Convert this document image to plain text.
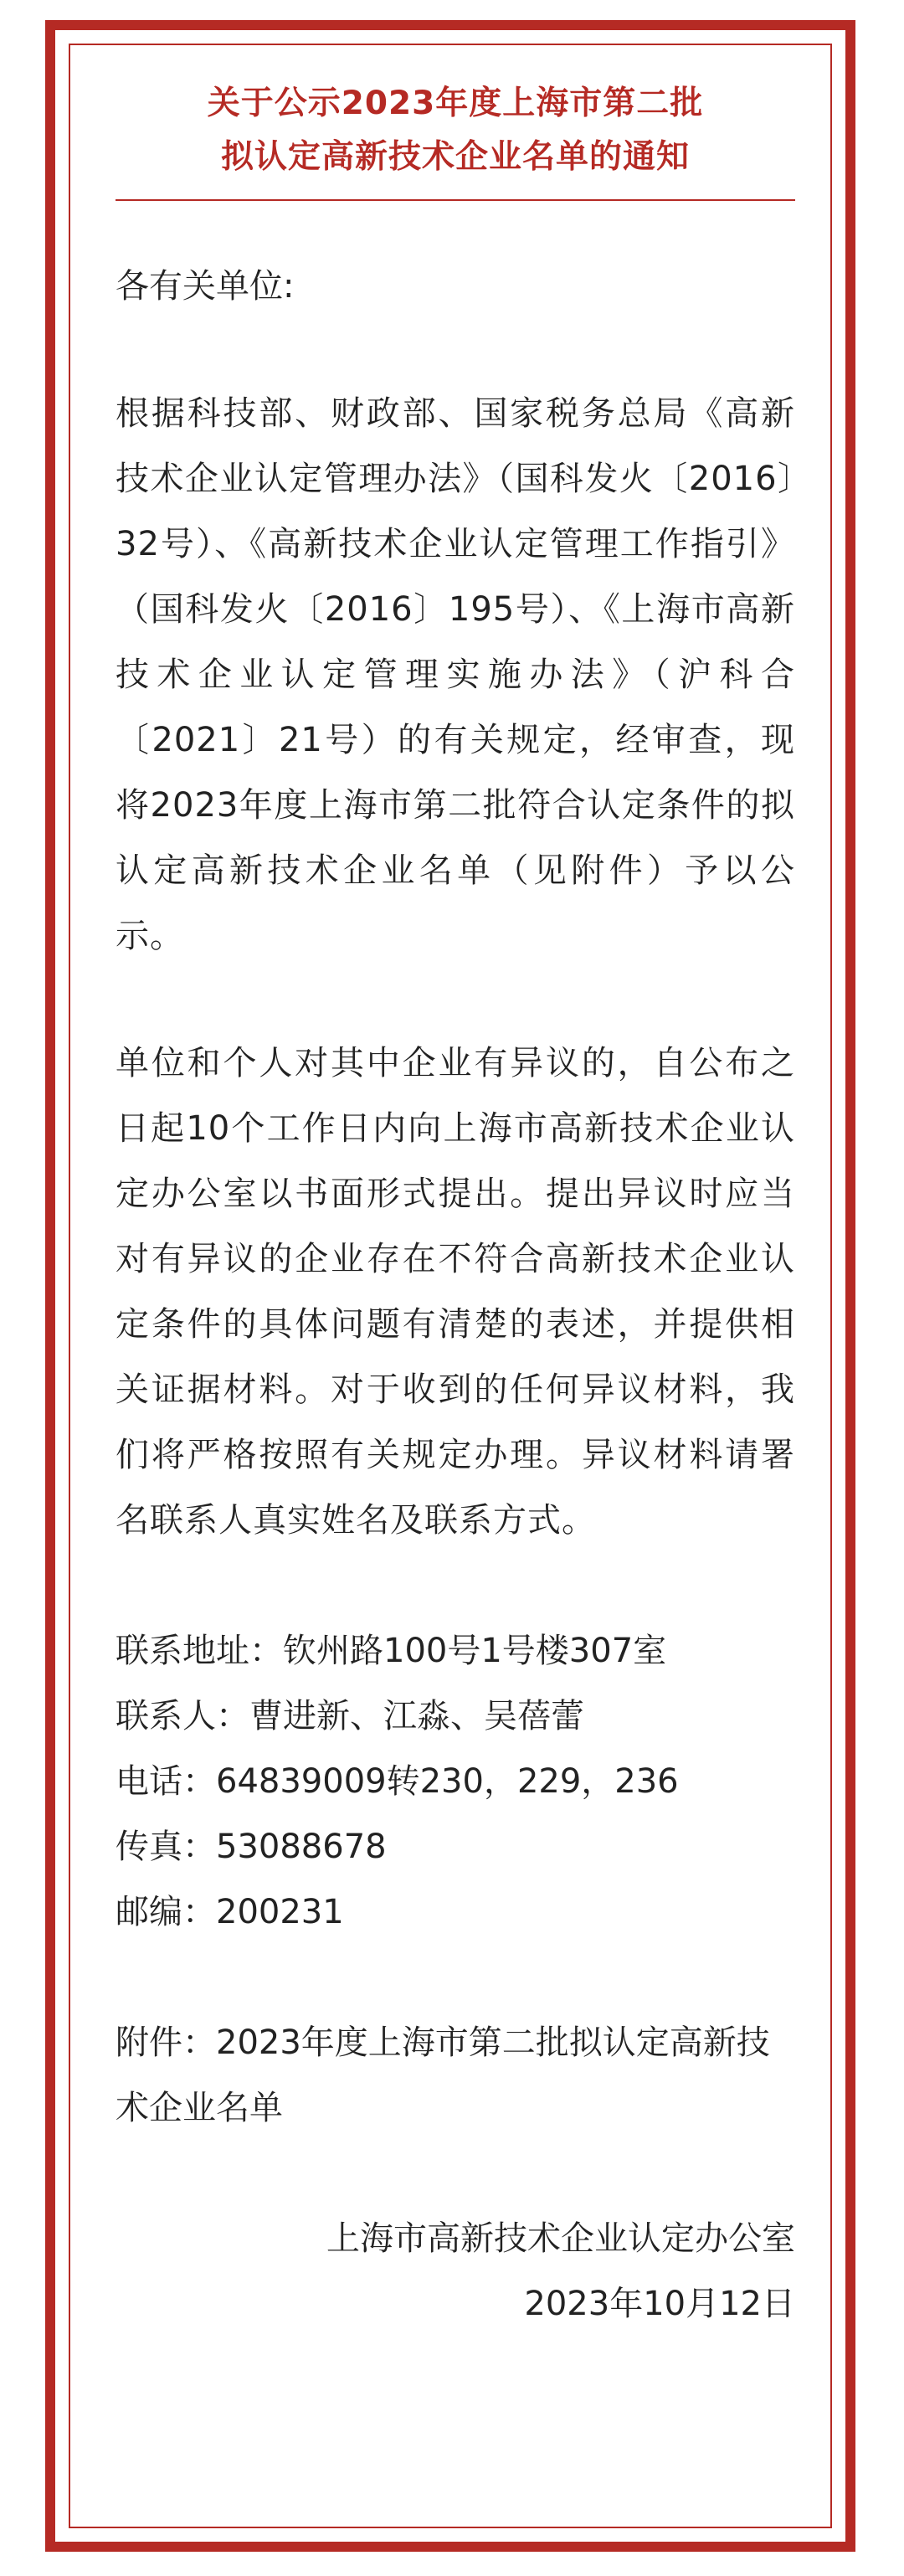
关于公示2023年度上海市第二批
拟认定高新技术企业名单的通知
各有关单位:
根据科技部、财政部、国家税务总局《高新技术企业认定管理办法》（国科发火〔2016〕32号）、《高新技术企业认定管理工作指引》（国科发火〔2016〕195号）、《上海市高新技术企业认定管理实施办法》（沪科合〔2021〕21号）的有关规定，经审查，现将2023年度上海市第二批符合认定条件的拟认定高新技术企业名单（见附件）予以公示。
单位和个人对其中企业有异议的，自公布之日起10个工作日内向上海市高新技术企业认定办公室以书面形式提出。提出异议时应当对有异议的企业存在不符合高新技术企业认定条件的具体问题有清楚的表述，并提供相关证据材料。对于收到的任何异议材料，我们将严格按照有关规定办理。异议材料请署名联系人真实姓名及联系方式。
联系地址：钦州路100号1号楼307室
联系人：曹进新、江淼、吴蓓蕾
电话：64839009转230，229，236
传真：53088678
邮编：200231
附件：2023年度上海市第二批拟认定高新技术企业名单
上海市高新技术企业认定办公室
2023年10月12日
